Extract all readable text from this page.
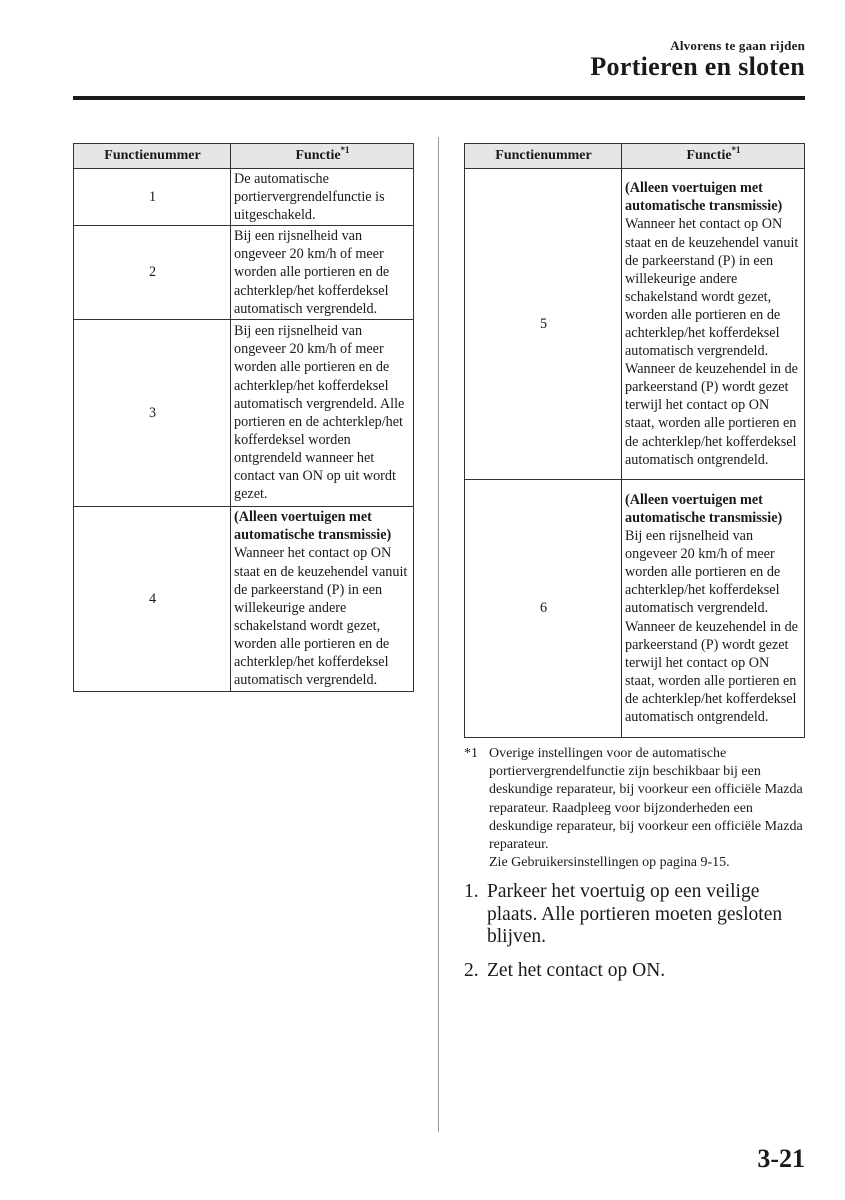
Alvorens te gaan rijden
Portieren en sloten
Functienummer	Functie$^{*1}$
1	De automatische portiervergrendelfunctie is uitgeschakeld.

2	Bij een rijsnelheid van ongeveer 20 km/h of meer worden alle portieren en de achterklep/het kofferdeksel automatisch vergrendeld.

3	Bij een rijsnelheid van ongeveer 20 km/h of meer worden alle portieren en de achterklep/het kofferdeksel automatisch vergrendeld. Alle portieren en de achterklep/het kofferdeksel worden ontgrendeld wanneer het contact van ON op uit wordt gezet.

4	(Alleen voertuigen met automatische transmissie)
Wanneer het contact op ON staat en de keuzehendel vanuit de parkeerstand (P) in een willekeurige andere schakelstand wordt gezet, worden alle portieren en de achterklep/het kofferdeksel automatisch vergrendeld.
Functienummer	Functie$^{*1}$
5	(Alleen voertuigen met automatische transmissie)
Wanneer het contact op ON staat en de keuzehendel vanuit de parkeerstand (P) in een willekeurige andere schakelstand wordt gezet, worden alle portieren en de achterklep/het kofferdeksel automatisch vergrendeld. Wanneer de keuzehendel in de parkeerstand (P) wordt gezet terwijl het contact op ON staat, worden alle portieren en de achterklep/het kofferdeksel automatisch ontgrendeld.

6	(Alleen voertuigen met automatische transmissie)
Bij een rijsnelheid van ongeveer 20 km/h of meer worden alle portieren en de achterklep/het kofferdeksel automatisch vergrendeld. Wanneer de keuzehendel in de parkeerstand (P) wordt gezet terwijl het contact op ON staat, worden alle portieren en de achterklep/het kofferdeksel automatisch ontgrendeld.
*1 Overige instellingen voor de automatische portiervergrendelfunctie zijn beschikbaar bij een deskundige reparateur, bij voorkeur een officiële Mazda reparateur. Raadpleeg voor bijzonderheden een deskundige reparateur, bij voorkeur een officiële Mazda reparateur.
Zie Gebruikersinstellingen op pagina 9-15.
1. Parkeer het voertuig op een veilige plaats. Alle portieren moeten gesloten blijven.
2. Zet het contact op ON.
3-21
